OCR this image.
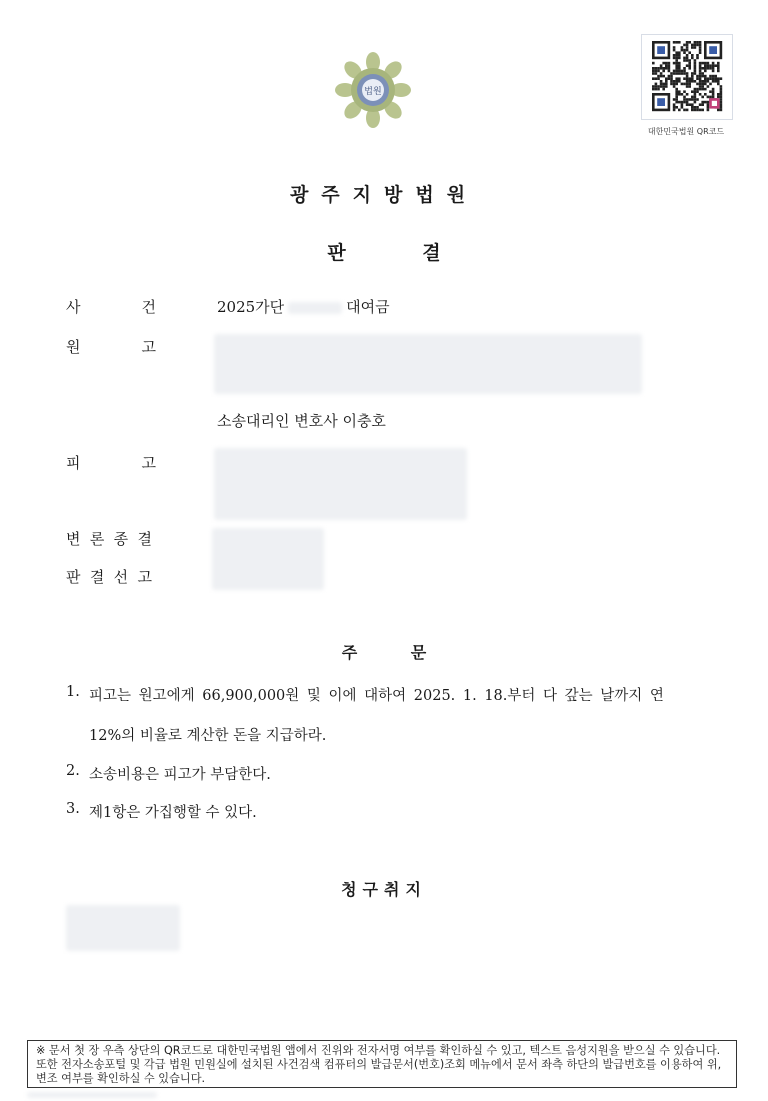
법원
대한민국법원 QR코드
광주지방법원
판 결
사	건	2025가단	대여금
원	고
소송대리인 변호사 이충호
피	고
변 론 종 결
판 결 선 고
주 문
1. 피고는 원고에게 66,900,000원 및 이에 대하여 2025. 1. 18.부터 다 갚는 날까지 연
12%의 비율로 계산한 돈을 지급하라.
2. 소송비용은 피고가 부담한다.
3. 제1항은 가집행할 수 있다.
청구취지
※ 문서 첫 장 우측 상단의 QR코드로 대한민국법원 앱에서 진위와 전자서명 여부를 확인하실 수 있고, 텍스트 음성지원을 받으실 수 있습니다. 또한 전자소송포털 및 각급 법원 민원실에 설치된 사건검색 컴퓨터의 발급문서(번호)조회 메뉴에서 문서 좌측 하단의 발급번호를 이용하여 위,변조 여부를 확인하실 수 있습니다.
